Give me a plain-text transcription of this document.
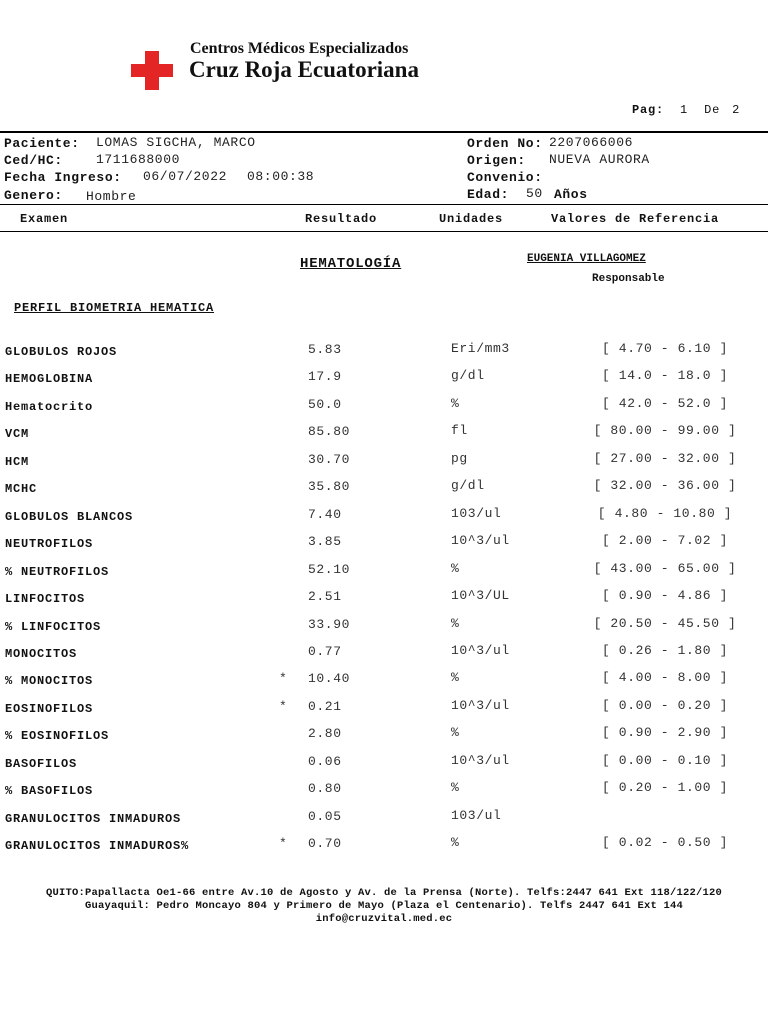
Centros Médicos Especializados
Cruz Roja Ecuatoriana
Pag: 1 De 2
Paciente: LOMAS SIGCHA, MARCO
Ced/HC:	1711688000
Fecha Ingreso: 06/07/2022 08:00:38
Genero: Hombre
Orden No: 2207066006
Origen: NUEVA AURORA
Convenio:
Edad: 50 Años
Examen	Resultado	Unidades	Valores de Referencia
HEMATOLOGÍA	EUGENIA VILLAGOMEZ
Responsable
PERFIL BIOMETRIA HEMATICA
GLOBULOS ROJOS	5.83	Eri/mm3	[ 4.70 - 6.10 ]
HEMOGLOBINA	17.9	g/dl	[ 14.0 - 18.0 ]
Hematocrito	50.0	%	[ 42.0 - 52.0 ]
VCM	85.80	fl	[ 80.00 - 99.00 ]
HCM	30.70	pg	[ 27.00 - 32.00 ]
MCHC	35.80	g/dl	[ 32.00 - 36.00 ]
GLOBULOS BLANCOS	7.40	103/ul	[ 4.80 - 10.80 ]
NEUTROFILOS	3.85	10^3/ul	[ 2.00 - 7.02 ]
% NEUTROFILOS	52.10	%	[ 43.00 - 65.00 ]
LINFOCITOS	2.51	10^3/UL	[ 0.90 - 4.86 ]
% LINFOCITOS	33.90	%	[ 20.50 - 45.50 ]
MONOCITOS	0.77	10^3/ul	[ 0.26 - 1.80 ]
% MONOCITOS	* 10.40	%	[ 4.00 - 8.00 ]
EOSINOFILOS	* 0.21	10^3/ul	[ 0.00 - 0.20 ]
% EOSINOFILOS	2.80	%	[ 0.90 - 2.90 ]
BASOFILOS	0.06	10^3/ul	[ 0.00 - 0.10 ]
% BASOFILOS	0.80	%	[ 0.20 - 1.00 ]
GRANULOCITOS INMADUROS	0.05	103/ul
GRANULOCITOS INMADUROS%	* 0.70	%	[ 0.02 - 0.50 ]
QUITO:Papallacta Oe1-66 entre Av.10 de Agosto y Av. de la Prensa (Norte). Telfs:2447 641 Ext 118/122/120
Guayaquil: Pedro Moncayo 804 y Primero de Mayo (Plaza el Centenario). Telfs 2447 641 Ext 144
info@cruzvital.med.ec
